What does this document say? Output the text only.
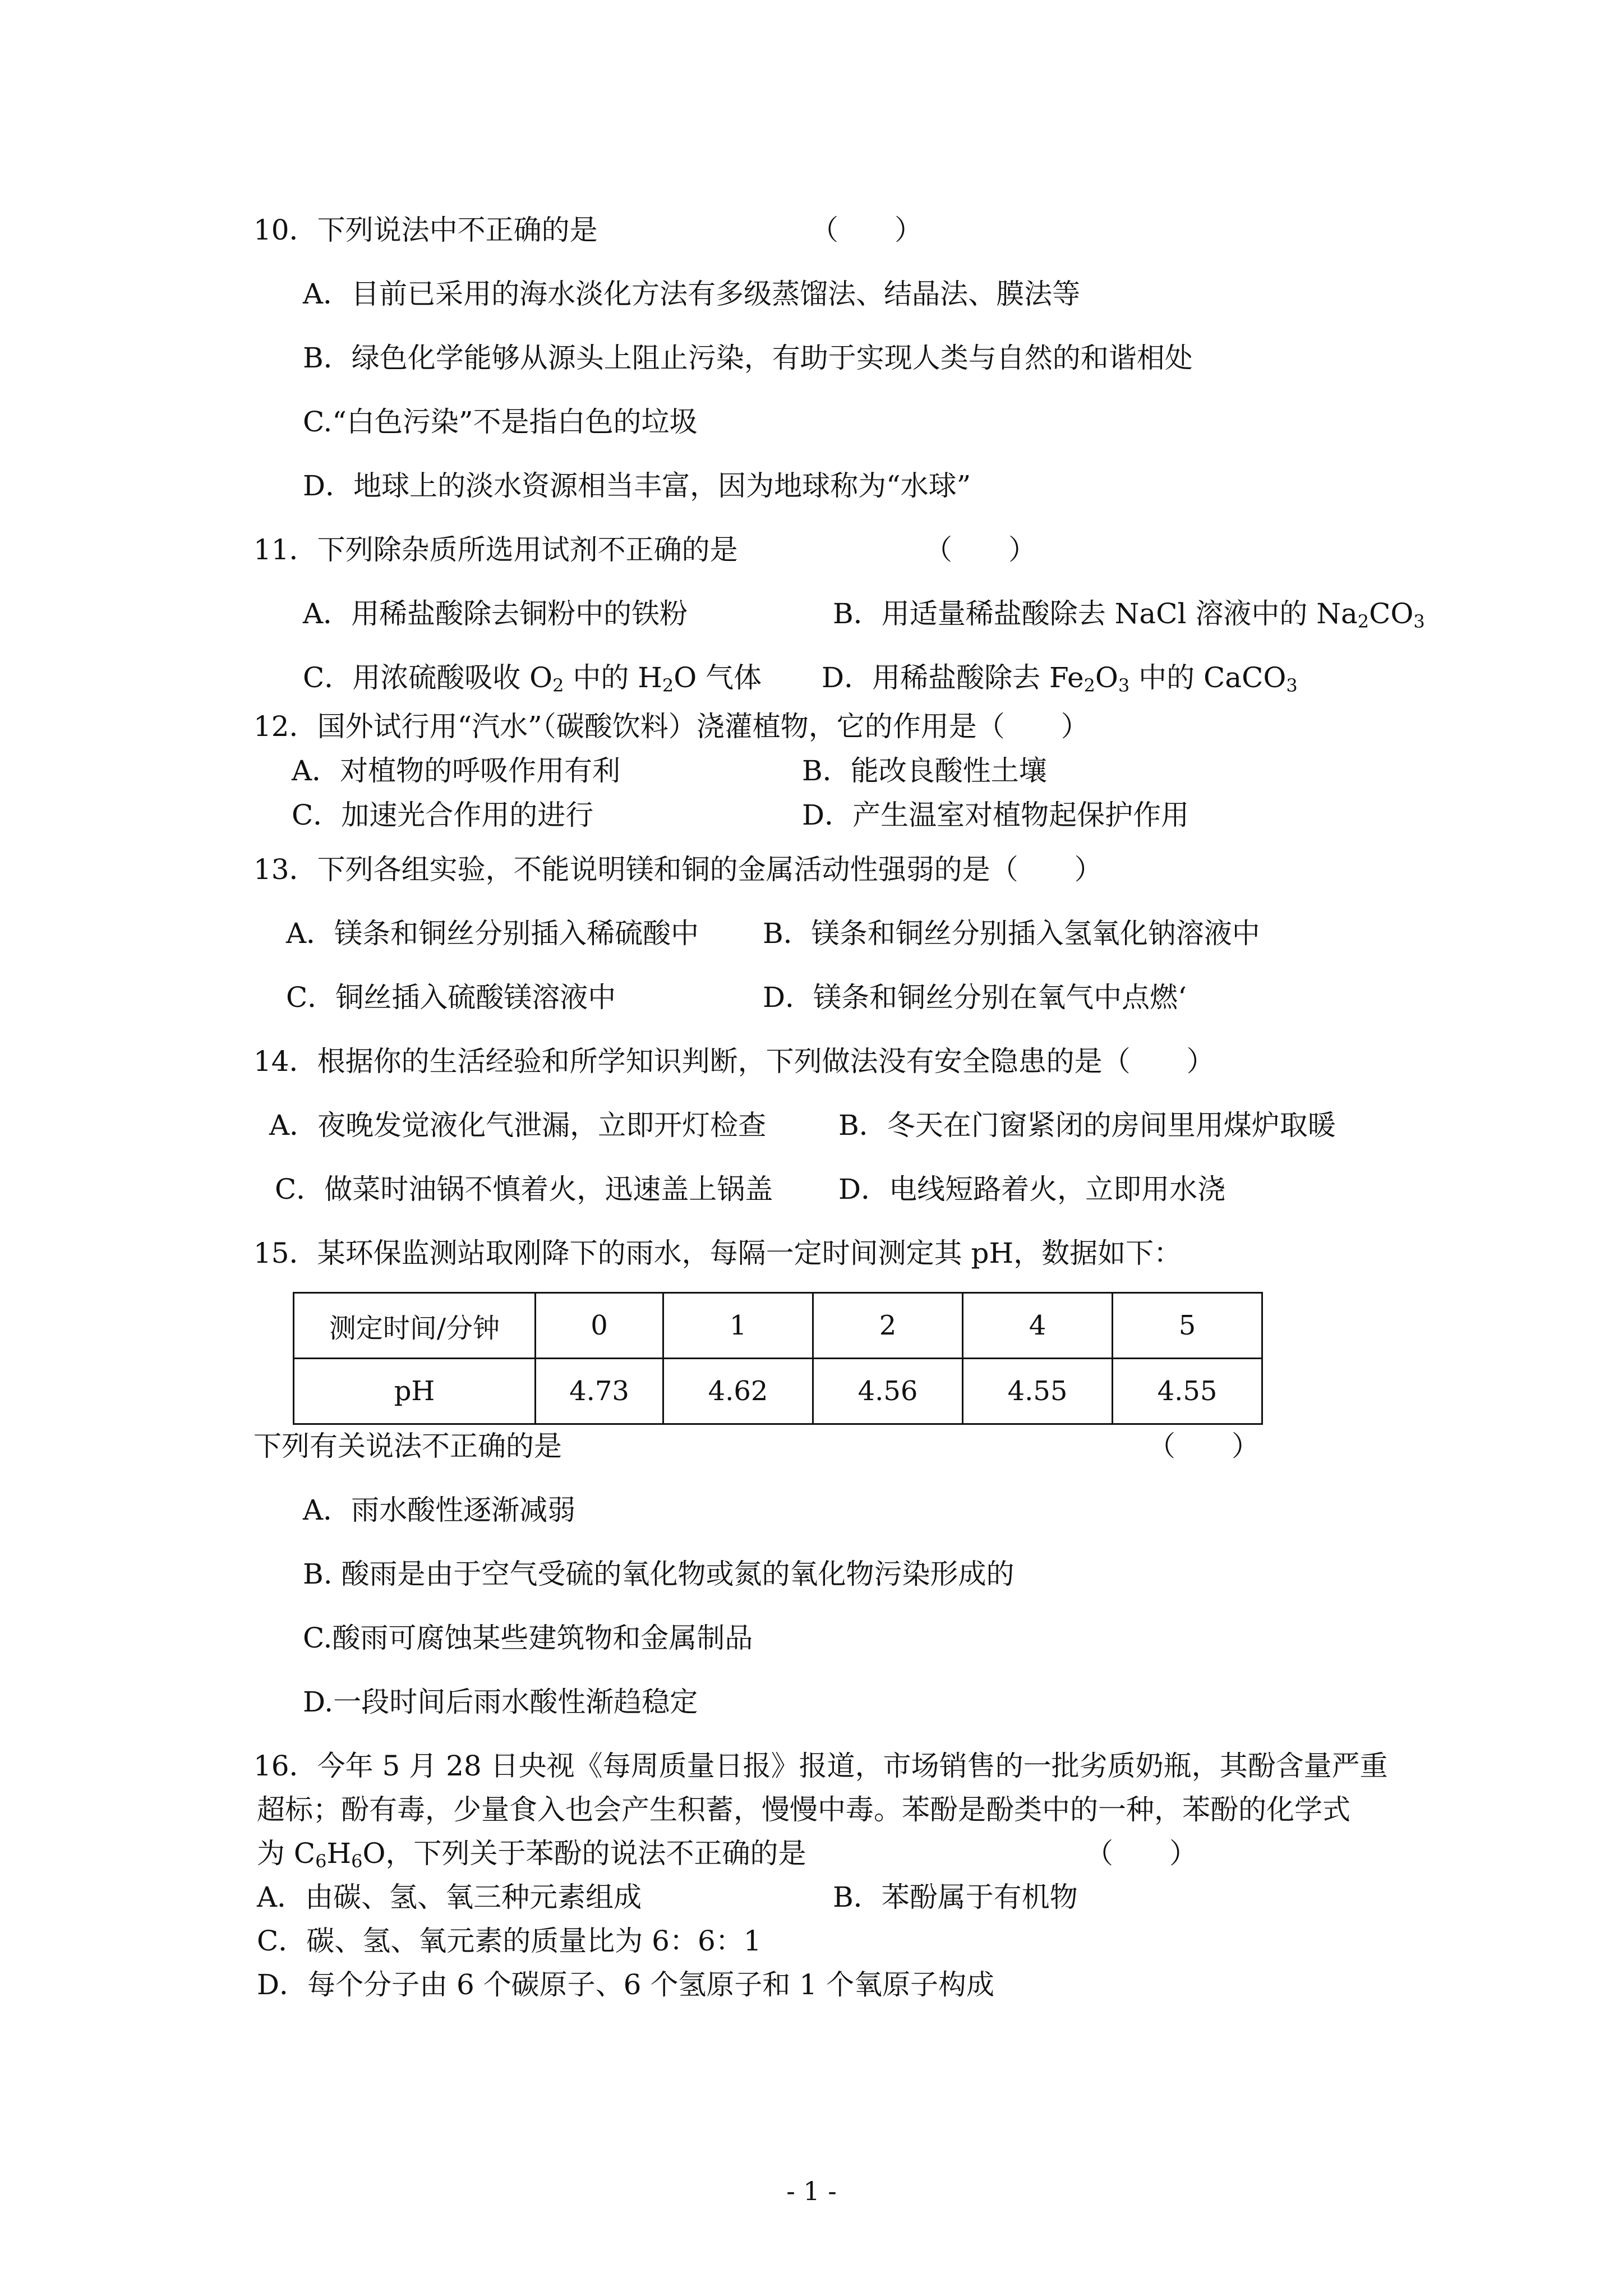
10．下列说法中不正确的是	（　　）
A．目前已采用的海水淡化方法有多级蒸馏法、结晶法、膜法等
B．绿色化学能够从源头上阻止污染，有助于实现人类与自然的和谐相处
C.“白色污染”不是指白色的垃圾
D．地球上的淡水资源相当丰富，因为地球称为“水球”
11．下列除杂质所选用试剂不正确的是	（　　）
A．用稀盐酸除去铜粉中的铁粉	B．用适量稀盐酸除去 NaCl 溶液中的 $Na_2CO_3$
C．用浓硫酸吸收 $O_2$ 中的 $H_2O$ 气体 D．用稀盐酸除去 $Fe_2O_3$ 中的 CaCO$_3$
12．国外试行用“汽水”（碳酸饮料）浇灌植物，它的作用是（　　）
A．对植物的呼吸作用有利	B．能改良酸性土壤
C．加速光合作用的进行	D．产生温室对植物起保护作用
13．下列各组实验，不能说明镁和铜的金属活动性强弱的是（　　）
A．镁条和铜丝分别插入稀硫酸中 B．镁条和铜丝分别插入氢氧化钠溶液中
C．铜丝插入硫酸镁溶液中	D．镁条和铜丝分别在氧气中点燃‘
14．根据你的生活经验和所学知识判断，下列做法没有安全隐患的是（　　）
A．夜晚发觉液化气泄漏，立即开灯检查	B．冬天在门窗紧闭的房间里用煤炉取暖
C．做菜时油锅不慎着火，迅速盖上锅盖 D．电线短路着火，立即用水浇
15．某环保监测站取刚降下的雨水，每隔一定时间测定其 pH，数据如下：
测定时间/分钟	0	1	2	4	5
pH	4.73	4.62	4.56	4.55	4.55
下列有关说法不正确的是	（　　）
A．雨水酸性逐渐减弱
B. 酸雨是由于空气受硫的氧化物或氮的氧化物污染形成的
C.酸雨可腐蚀某些建筑物和金属制品
D.一段时间后雨水酸性渐趋稳定
16．今年 5 月 28 日央视《每周质量日报》报道，市场销售的一批劣质奶瓶，其酚含量严重
超标；酚有毒，少量食入也会产生积蓄，慢慢中毒。苯酚是酚类中的一种，苯酚的化学式
为 $C_6H_6O$，下列关于苯酚的说法不正确的是	（　　）
A．由碳、氢、氧三种元素组成	B．苯酚属于有机物
C．碳、氢、氧元素的质量比为 6：6：1
D．每个分子由 6 个碳原子、6 个氢原子和 1 个氧原子构成
- 1 -
